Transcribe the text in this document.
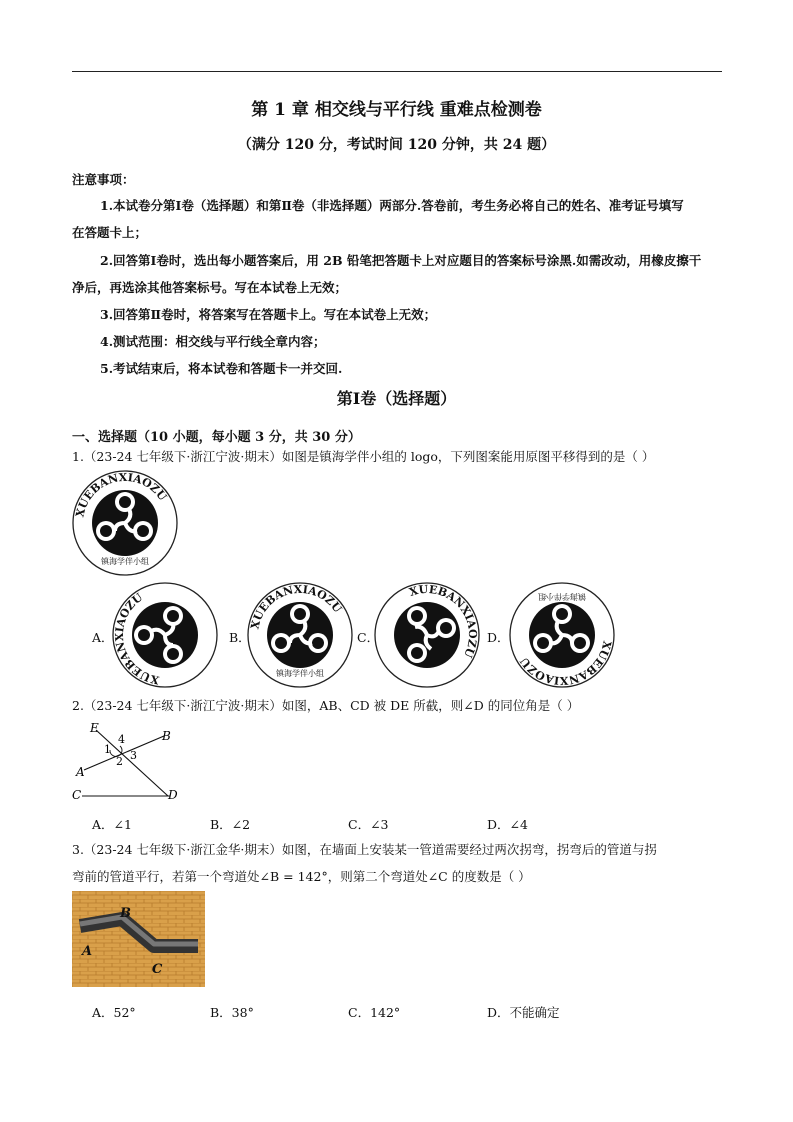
第 1 章 相交线与平行线 重难点检测卷
（满分 120 分，考试时间 120 分钟，共 24 题）
注意事项：
1.本试卷分第Ⅰ卷（选择题）和第Ⅱ卷（非选择题）两部分.答卷前，考生务必将自己的姓名、准考证号填写
在答题卡上；
2.回答第Ⅰ卷时，选出每小题答案后，用 2B 铅笔把答题卡上对应题目的答案标号涂黑.如需改动，用橡皮擦干
净后，再选涂其他答案标号。写在本试卷上无效；
3.回答第Ⅱ卷时，将答案写在答题卡上。写在本试卷上无效；
4.测试范围：相交线与平行线全章内容；
5.考试结束后，将本试卷和答题卡一并交回.
第Ⅰ卷（选择题）
一、选择题（10 小题，每小题 3 分，共 30 分）
1.（23-24 七年级下·浙江宁波·期末）如图是镇海学伴小组的 logo，下列图案能用原图平移得到的是（ ）
XUEBANXIAOZU
镇海学伴小组
A．
XUEBANXIAOZU
B．
XUEBANXIAOZU
镇海学伴小组
C．
XUEBANXIAOZU
D．
XUEBANXIAOZU
镇海学伴小组
2.（23-24 七年级下·浙江宁波·期末）如图，AB、CD 被 DE 所截，则∠D 的同位角是（ ）
E
B
A
C	D
1
2 3
4
A．∠1	B．∠2	C．∠3	D．∠4
3.（23-24 七年级下·浙江金华·期末）如图，在墙面上安装某一管道需要经过两次拐弯，拐弯后的管道与拐
弯前的管道平行，若第一个弯道处∠B = 142°，则第二个弯道处∠C 的度数是（ ）
A
B
C
A．52°	B．38°	C．142°	D．不能确定
